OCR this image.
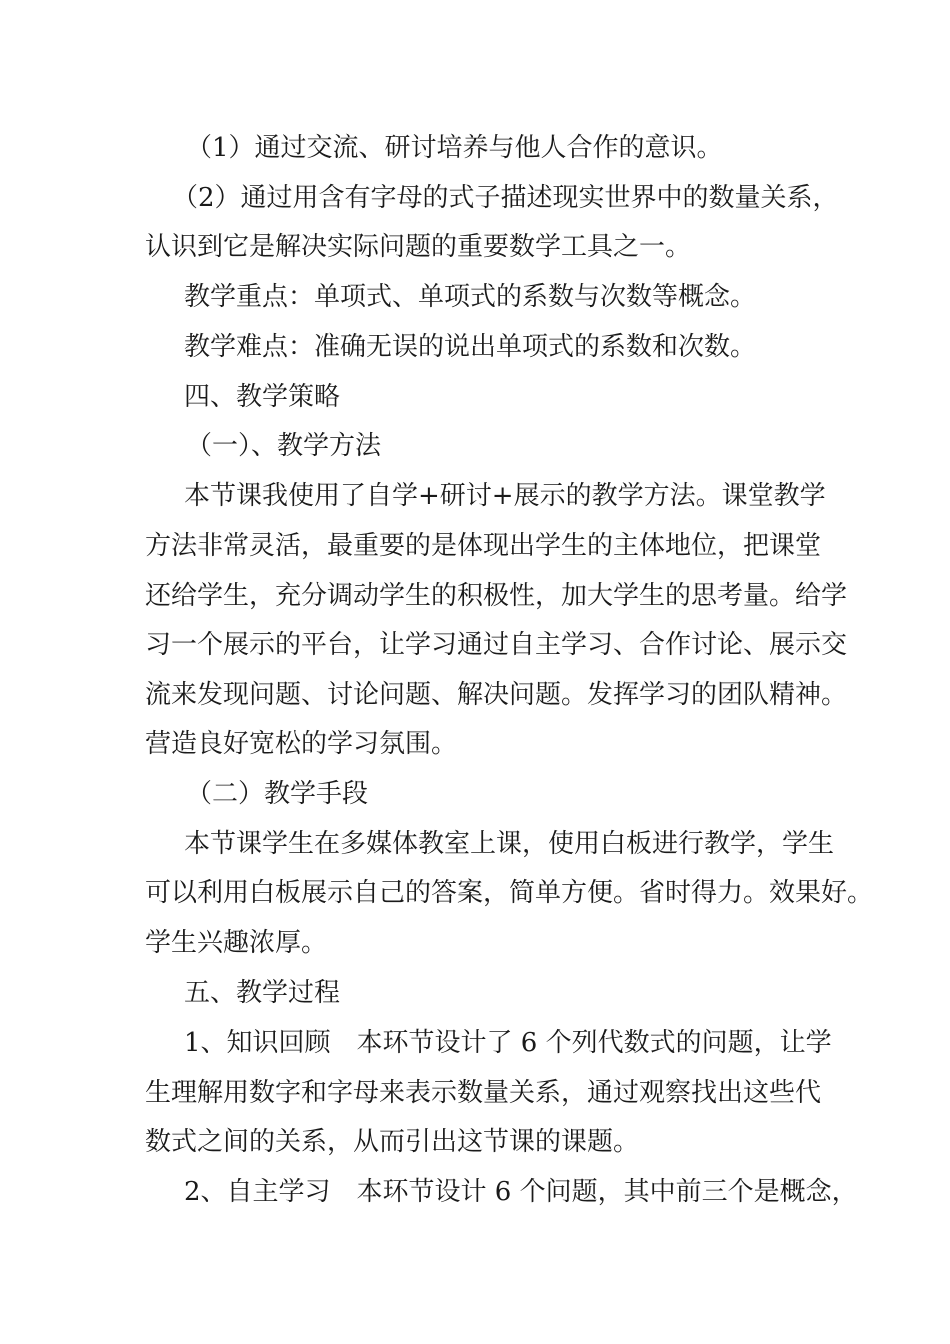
（1）通过交流、研讨培养与他人合作的意识。
（2）通过用含有字母的式子描述现实世界中的数量关系，
认识到它是解决实际问题的重要数学工具之一。
教学重点：单项式、单项式的系数与次数等概念。
教学难点：准确无误的说出单项式的系数和次数。
四、教学策略
（一）、教学方法
本节课我使用了自学+研讨+展示的教学方法。课堂教学
方法非常灵活，最重要的是体现出学生的主体地位，把课堂
还给学生，充分调动学生的积极性，加大学生的思考量。给学
习一个展示的平台，让学习通过自主学习、合作讨论、展示交
流来发现问题、讨论问题、解决问题。发挥学习的团队精神。
营造良好宽松的学习氛围。
（二）教学手段
本节课学生在多媒体教室上课，使用白板进行教学，学生
可以利用白板展示自己的答案，简单方便。省时得力。效果好。
学生兴趣浓厚。
五、教学过程
1、知识回顾　本环节设计了 6 个列代数式的问题，让学
生理解用数字和字母来表示数量关系，通过观察找出这些代
数式之间的关系，从而引出这节课的课题。
2、自主学习　本环节设计 6 个问题，其中前三个是概念，
